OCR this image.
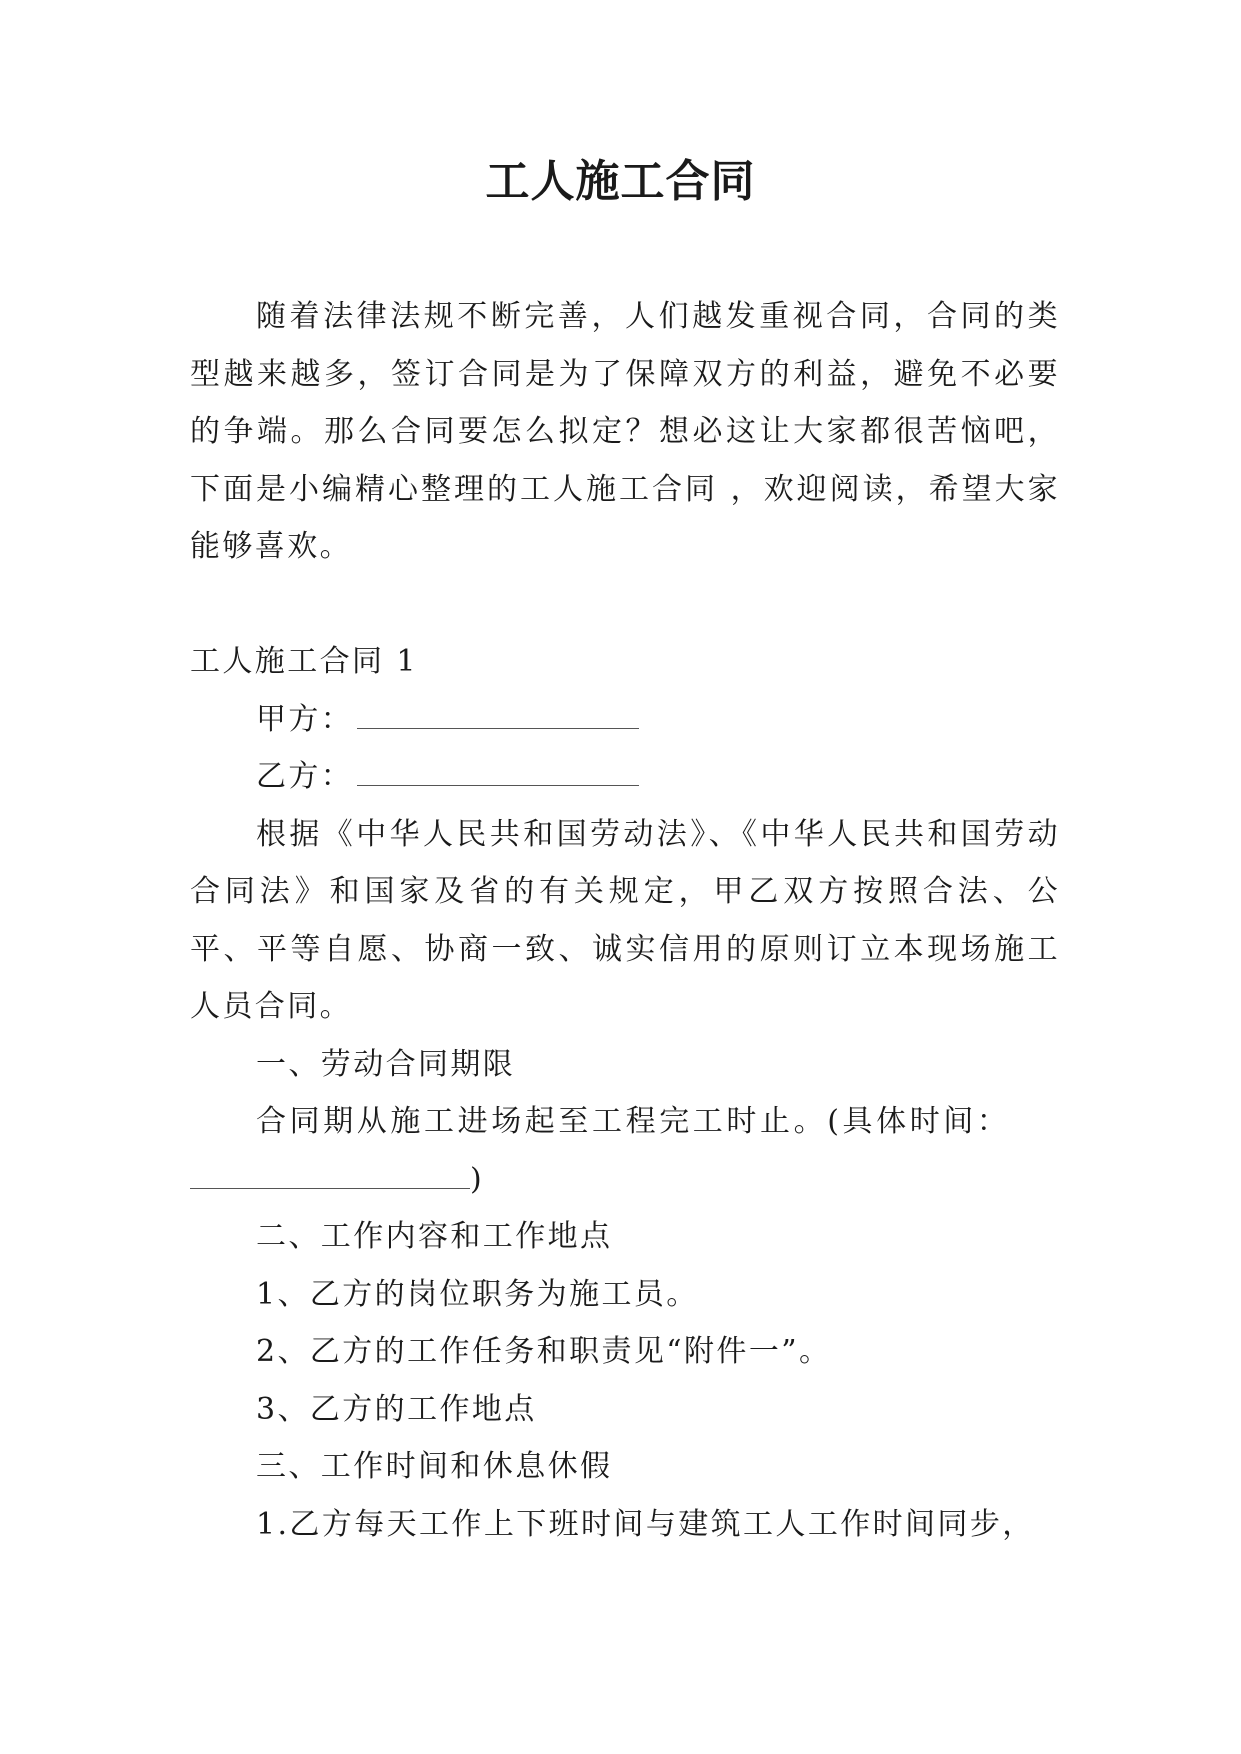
工人施工合同

随着法律法规不断完善，人们越发重视合同，合同的类型越来越多，签订合同是为了保障双方的利益，避免不必要的争端。那么合同要怎么拟定？想必这让大家都很苦恼吧，下面是小编精心整理的工人施工合同 ，欢迎阅读，希望大家能够喜欢。

工人施工合同 1

甲方：

乙方：

根据《中华人民共和国劳动法》、《中华人民共和国劳动合同法》和国家及省的有关规定，甲乙双方按照合法、公平、平等自愿、协商一致、诚实信用的原则订立本现场施工人员合同。

一、劳动合同期限

合同期从施工进场起至工程完工时止。(具体时间：

)

二、工作内容和工作地点

1、乙方的岗位职务为施工员。

2、乙方的工作任务和职责见“附件一”。

3、乙方的工作地点

三、工作时间和休息休假

1.乙方每天工作上下班时间与建筑工人工作时间同步，
